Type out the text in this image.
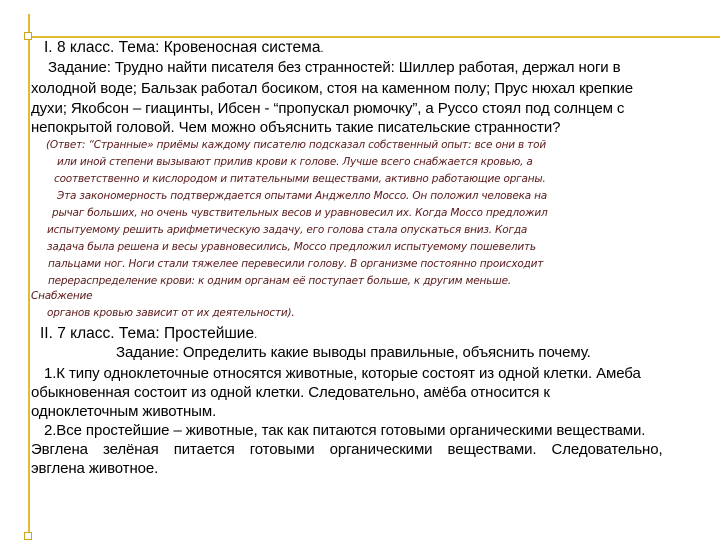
I. 8 класс. Тема: Кровеносная система.
Задание: Трудно найти писателя без странностей: Шиллер работая, держал ноги в
холодной воде; Бальзак работал босиком, стоя на каменном полу; Прус нюхал крепкие
духи; Якобсон – гиацинты, Ибсен - “пропускал рюмочку”, а Руссо стоял под солнцем с
непокрытой головой. Чем можно объяснить такие писательские странности?
(Ответ: “Странные» приёмы каждому писателю подсказал собственный опыт: все они в той
или иной степени вызывают прилив крови к голове. Лучше всего снабжается кровью, а
соответственно и кислородом и питательными веществами, активно работающие органы.
Эта закономерность подтверждается опытами Анджелло Моссо. Он положил человека на
рычаг больших, но очень чувствительных весов и уравновесил их. Когда Моссо предложил
испытуемому решить арифметическую задачу, его голова стала опускаться вниз. Когда
задача была решена и весы уравновесились, Моссо предложил испытуемому пошевелить
пальцами ног. Ноги стали тяжелее перевесили голову. В организме постоянно происходит
перераспределение крови: к одним органам её поступает больше, к другим меньше.
Снабжение
органов кровью зависит от их деятельности).
II. 7 класс. Тема: Простейшие.
Задание: Определить какие выводы правильные, объяснить почему.
1.К типу одноклеточные относятся животные, которые состоят из одной клетки. Амеба
обыкновенная состоит из одной клетки. Следовательно, амёба относится к
одноклеточным животным.
2.Все простейшие – животные, так как питаются готовыми органическими веществами.
Эвглена зелёная питается готовыми органическими веществами. Следовательно,
эвглена животное.
